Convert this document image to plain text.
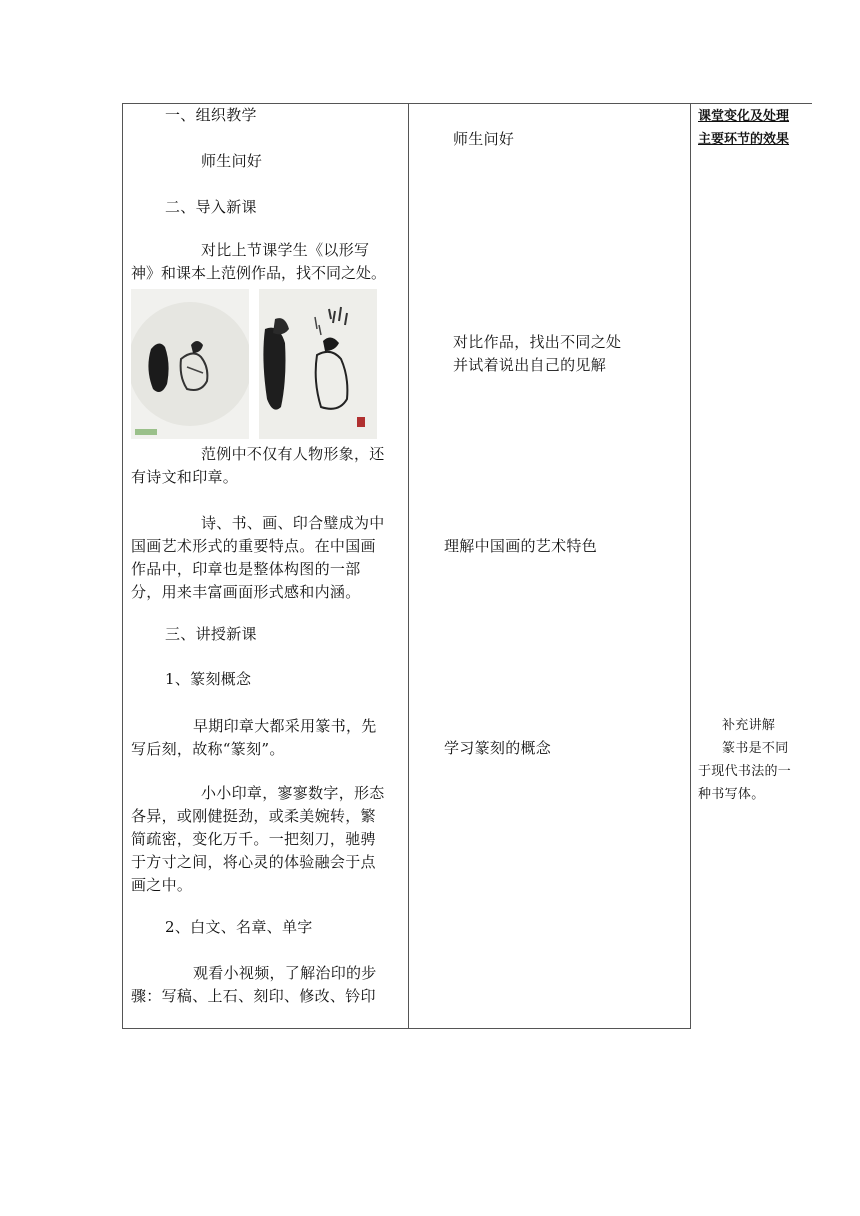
一、组织教学
师生问好
二、导入新课
对比上节课学生《以形写
神》和课本上范例作品，找不同之处。
范例中不仅有人物形象，还
有诗文和印章。
诗、书、画、印合璧成为中
国画艺术形式的重要特点。在中国画
作品中，印章也是整体构图的一部
分，用来丰富画面形式感和内涵。
三、讲授新课
1、篆刻概念
早期印章大都采用篆书，先
写后刻，故称“篆刻”。
小小印章，寥寥数字，形态
各异，或刚健挺劲，或柔美婉转，繁
简疏密，变化万千。一把刻刀，驰骋
于方寸之间，将心灵的体验融会于点
画之中。
2、白文、名章、单字
观看小视频，了解治印的步
骤：写稿、上石、刻印、修改、钤印
师生问好
对比作品，找出不同之处
并试着说出自己的见解
理解中国画的艺术特色
学习篆刻的概念
课堂变化及处理
主要环节的效果
补充讲解
篆书是不同
于现代书法的一
种书写体。
